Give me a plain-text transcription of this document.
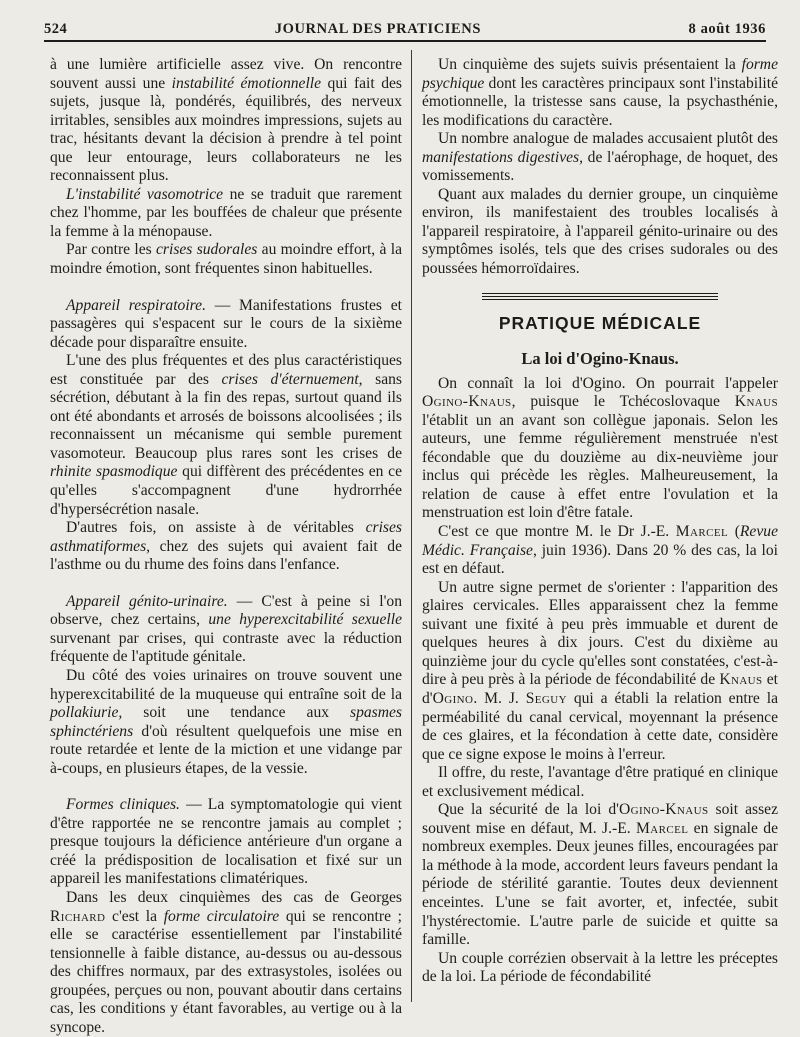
524	JOURNAL DES PRATICIENS	8 août 1936

à une lumière artificielle assez vive. On rencontre souvent aussi une instabilité émotionnelle qui fait des sujets, jusque là, pondérés, équilibrés, des nerveux irritables, sensibles aux moindres impressions, sujets au trac, hésitants devant la décision à prendre à tel point que leur entourage, leurs collaborateurs ne les reconnaissent plus.

L'instabilité vasomotrice ne se traduit que rarement chez l'homme, par les bouffées de chaleur que présente la femme à la ménopause.

Par contre les crises sudorales au moindre effort, à la moindre émotion, sont fréquentes sinon habituelles.

Appareil respiratoire. — Manifestations frustes et passagères qui s'espacent sur le cours de la sixième décade pour disparaître ensuite.

L'une des plus fréquentes et des plus caractéristiques est constituée par des crises d'éternuement, sans sécrétion, débutant à la fin des repas, surtout quand ils ont été abondants et arrosés de boissons alcoolisées ; ils reconnaissent un mécanisme qui semble purement vasomoteur. Beaucoup plus rares sont les crises de rhinite spasmodique qui diffèrent des précédentes en ce qu'elles s'accompagnent d'une hydrorrhée d'hypersécrétion nasale.

D'autres fois, on assiste à de véritables crises asthmatiformes, chez des sujets qui avaient fait de l'asthme ou du rhume des foins dans l'enfance.

Appareil génito-urinaire. — C'est à peine si l'on observe, chez certains, une hyperexcitabilité sexuelle survenant par crises, qui contraste avec la réduction fréquente de l'aptitude génitale.

Du côté des voies urinaires on trouve souvent une hyperexcitabilité de la muqueuse qui entraîne soit de la pollakiurie, soit une tendance aux spasmes sphinctériens d'où résultent quelquefois une mise en route retardée et lente de la miction et une vidange par à-coups, en plusieurs étapes, de la vessie.

Formes cliniques. — La symptomatologie qui vient d'être rapportée ne se rencontre jamais au complet ; presque toujours la déficience antérieure d'un organe a créé la prédisposition de localisation et fixé sur un appareil les manifestations climatériques.

Dans les deux cinquièmes des cas de Georges Richard c'est la forme circulatoire qui se rencontre ; elle se caractérise essentiellement par l'instabilité tensionnelle à faible distance, au-dessus ou au-dessous des chiffres normaux, par des extrasystoles, isolées ou groupées, perçues ou non, pouvant aboutir dans certains cas, les conditions y étant favorables, au vertige ou à la syncope.

Un cinquième des sujets suivis présentaient la forme psychique dont les caractères principaux sont l'instabilité émotionnelle, la tristesse sans cause, la psychasthénie, les modifications du caractère.

Un nombre analogue de malades accusaient plutôt des manifestations digestives, de l'aérophage, de hoquet, des vomissements.

Quant aux malades du dernier groupe, un cinquième environ, ils manifestaient des troubles localisés à l'appareil respiratoire, à l'appareil génito-urinaire ou des symptômes isolés, tels que des crises sudorales ou des poussées hémorroïdaires.

PRATIQUE MÉDICALE
La loi d'Ogino-Knaus.

On connaît la loi d'Ogino. On pourrait l'appeler Ogino-Knaus, puisque le Tchécoslovaque Knaus l'établit un an avant son collègue japonais. Selon les auteurs, une femme régulièrement menstruée n'est fécondable que du douzième au dix-neuvième jour inclus qui précède les règles. Malheureusement, la relation de cause à effet entre l'ovulation et la menstruation est loin d'être fatale.

C'est ce que montre M. le Dr J.-E. Marcel (Revue Médic. Française, juin 1936). Dans 20 % des cas, la loi est en défaut.

Un autre signe permet de s'orienter : l'apparition des glaires cervicales. Elles apparaissent chez la femme suivant une fixité à peu près immuable et durent de quelques heures à dix jours. C'est du dixième au quinzième jour du cycle qu'elles sont constatées, c'est-à-dire à peu près à la période de fécondabilité de Knaus et d'Ogino. M. J. Seguy qui a établi la relation entre la perméabilité du canal cervical, moyennant la présence de ces glaires, et la fécondation à cette date, considère que ce signe expose le moins à l'erreur.

Il offre, du reste, l'avantage d'être pratiqué en clinique et exclusivement médical.

Que la sécurité de la loi d'Ogino-Knaus soit assez souvent mise en défaut, M. J.-E. Marcel en signale de nombreux exemples. Deux jeunes filles, encouragées par la méthode à la mode, accordent leurs faveurs pendant la période de stérilité garantie. Toutes deux deviennent enceintes. L'une se fait avorter, et, infectée, subit l'hystérectomie. L'autre parle de suicide et quitte sa famille.

Un couple corrézien observait à la lettre les préceptes de la loi. La période de fécondabilité
